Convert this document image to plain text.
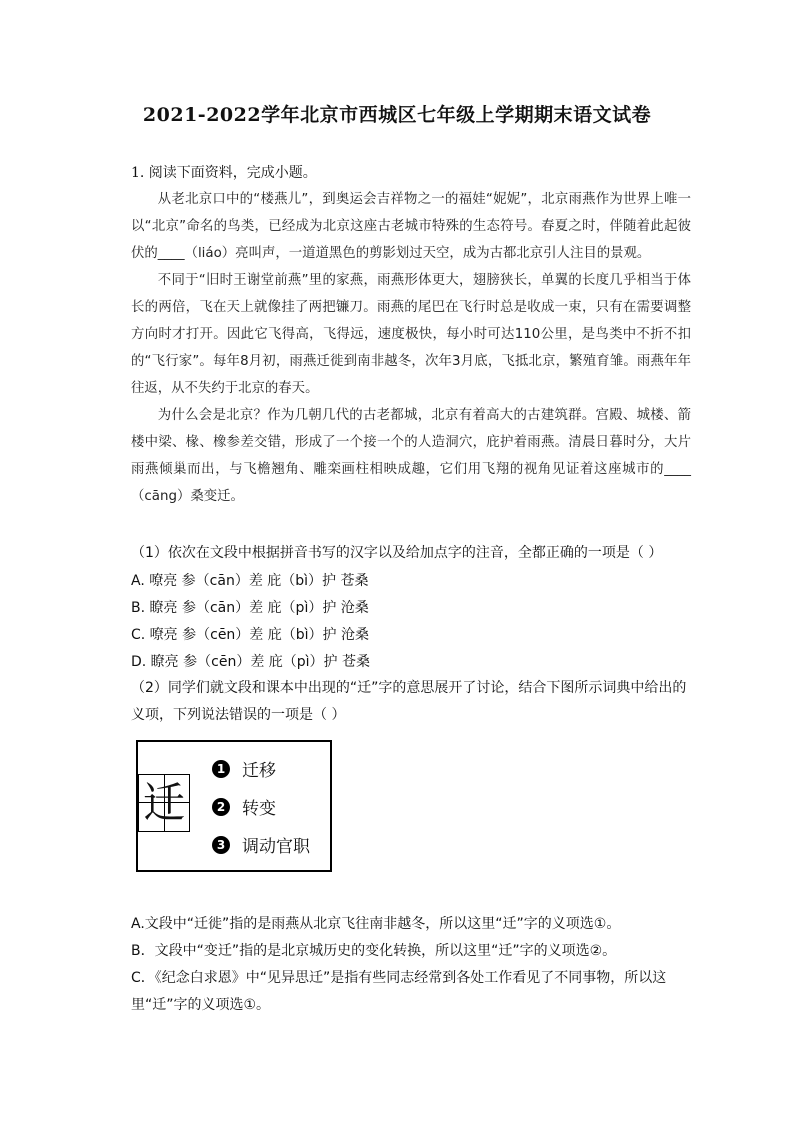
2021-2022学年北京市西城区七年级上学期期末语文试卷
1. 阅读下面资料，完成小题。

从老北京口中的“楼燕儿”，到奥运会吉祥物之一的福娃“妮妮”，北京雨燕作为世界上唯一以“北京”命名的鸟类，已经成为北京这座古老城市特殊的生态符号。春夏之时，伴随着此起彼伏的____（liáo）亮叫声，一道道黑色的剪影划过天空，成为古都北京引人注目的景观。

不同于“旧时王谢堂前燕”里的家燕，雨燕形体更大，翅膀狭长，单翼的长度几乎相当于体长的两倍，飞在天上就像挂了两把镰刀。雨燕的尾巴在飞行时总是收成一束，只有在需要调整方向时才打开。因此它飞得高，飞得远，速度极快，每小时可达110公里，是鸟类中不折不扣的“飞行家”。每年8月初，雨燕迁徙到南非越冬，次年3月底，飞抵北京，繁殖育雏。雨燕年年往返，从不失约于北京的春天。

为什么会是北京？作为几朝几代的古老都城，北京有着高大的古建筑群。宫殿、城楼、箭楼中梁、椽、橡参差交错，形成了一个接一个的人造洞穴，庇护着雨燕。清晨日暮时分，大片雨燕倾巢而出，与飞檐翘角、雕栾画柱相映成趣，它们用飞翔的视角见证着这座城市的____（cāng）桑变迁。

（1）依次在文段中根据拼音书写的汉字以及给加点字的注音，全都正确的一项是（ ）
A. 嘹亮 参（cān）差 庇（bì）护 苍桑
B. 瞭亮 参（cān）差 庇（pì）护 沧桑
C. 嘹亮 参（cēn）差 庇（bì）护 沧桑
D. 瞭亮 参（cēn）差 庇（pì）护 苍桑
（2）同学们就文段和课本中出现的“迁”字的意思展开了讨论，结合下图所示词典中给出的义项，下列说法错误的一项是（ ）
迁
1 迁移
2 转变
3 调动官职
A.文段中“迁徙”指的是雨燕从北京飞往南非越冬，所以这里“迁”字的义项选①。
B．文段中“变迁”指的是北京城历史的变化转换，所以这里“迁”字的义项选②。
C．《纪念白求恩》中“见异思迁”是指有些同志经常到各处工作看见了不同事物，所以这里“迁”字的义项选①。
